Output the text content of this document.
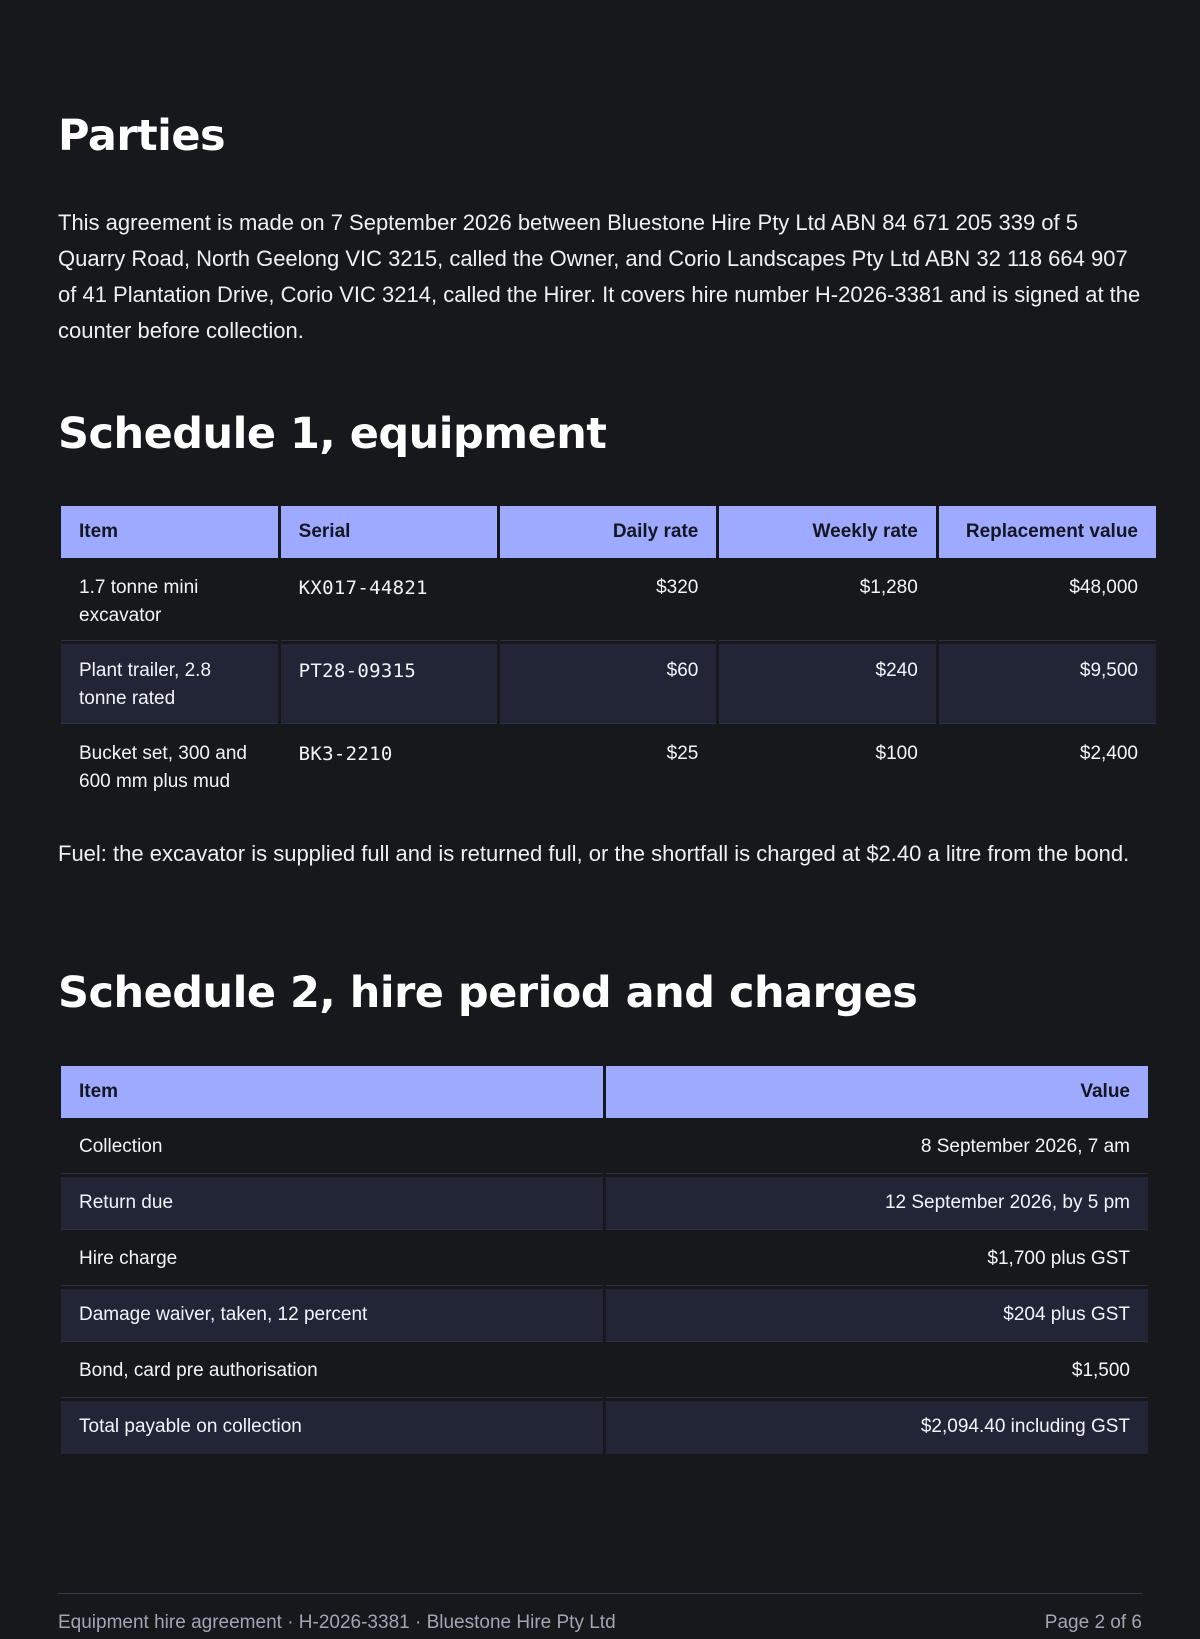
Parties

This agreement is made on 7 September 2026 between Bluestone Hire Pty Ltd ABN 84 671 205 339 of 5 Quarry Road, North Geelong VIC 3215, called the Owner, and Corio Landscapes Pty Ltd ABN 32 118 664 907 of 41 Plantation Drive, Corio VIC 3214, called the Hirer. It covers hire number H-2026-3381 and is signed at the counter before collection.

Schedule 1, equipment
Item	Serial	Daily rate	Weekly rate	Replacement value
1.7 tonne mini excavator	KX017-44821	$320	$1,280	$48,000
Plant trailer, 2.8 tonne rated	PT28-09315	$60	$240	$9,500
Bucket set, 300 and 600 mm plus mud	BK3-2210	$25	$100	$2,400

Fuel: the excavator is supplied full and is returned full, or the shortfall is charged at $2.40 a litre from the bond.

Schedule 2, hire period and charges
Item	Value
Collection	8 September 2026, 7 am
Return due	12 September 2026, by 5 pm
Hire charge	$1,700 plus GST
Damage waiver, taken, 12 percent	$204 plus GST
Bond, card pre authorisation	$1,500
Total payable on collection	$2,094.40 including GST
Equipment hire agreement · H-2026-3381 · Bluestone Hire Pty Ltd	Page 2 of 6
